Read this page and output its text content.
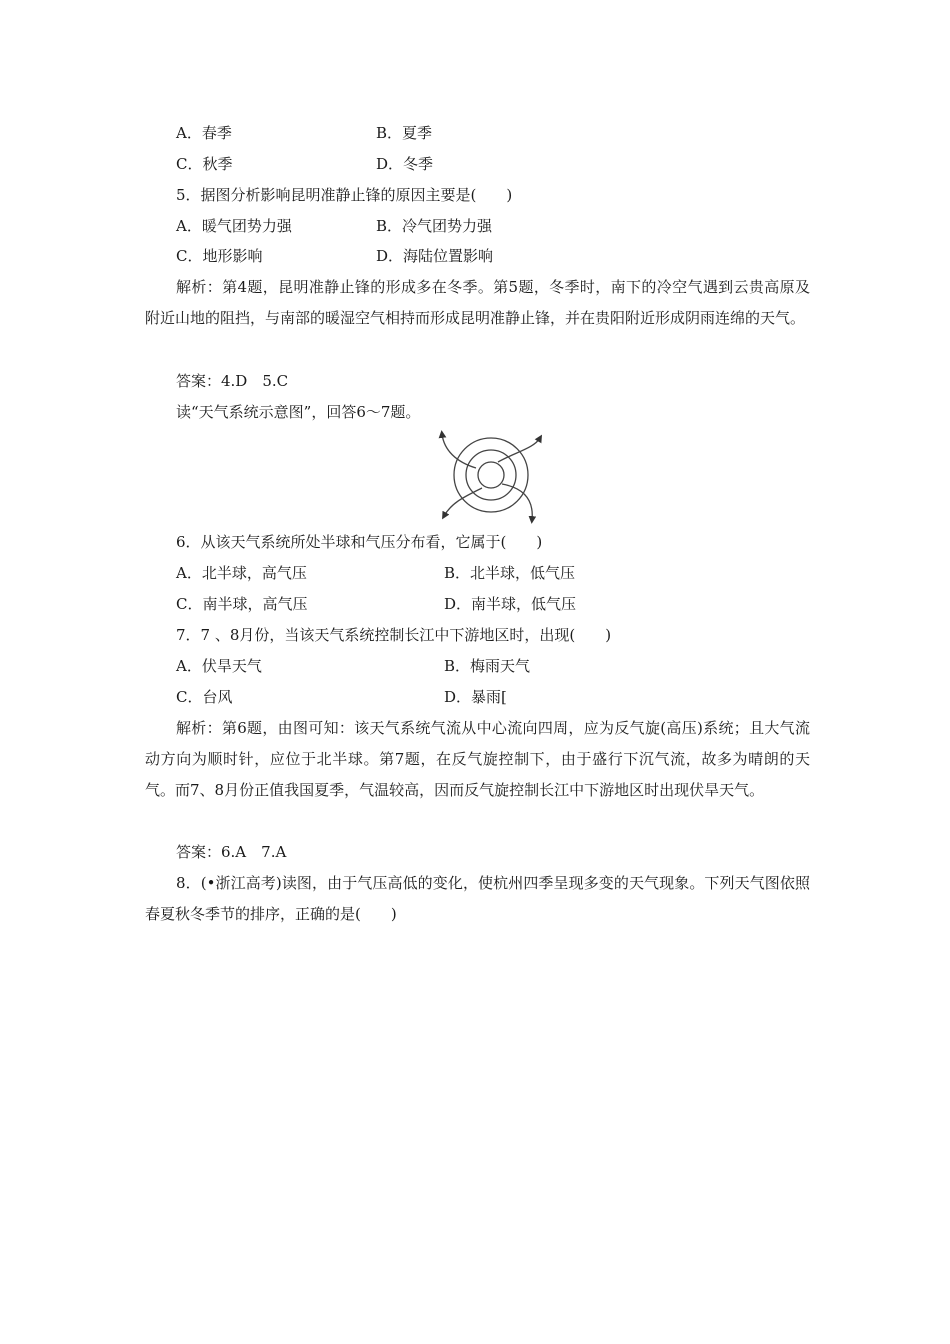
A．春季	B．夏季
C．秋季	D．冬季
5．据图分析影响昆明准静止锋的原因主要是(　　)
A．暖气团势力强	B．冷气团势力强
C．地形影响	D．海陆位置影响
解析：第4题，昆明准静止锋的形成多在冬季。第5题，冬季时，南下的冷空气遇到云贵高原及附近山地的阻挡，与南部的暖湿空气相持而形成昆明准静止锋，并在贵阳附近形成阴雨连绵的天气。
答案：4.D　5.C
读“天气系统示意图”，回答6～7题。
6．从该天气系统所处半球和气压分布看，它属于(　　)
A．北半球，高气压	B．北半球，低气压
C．南半球，高气压	D．南半球，低气压
7．7 、8月份，当该天气系统控制长江中下游地区时，出现(　　)
A．伏旱天气	B．梅雨天气
C．台风	D．暴雨[
解析：第6题，由图可知：该天气系统气流从中心流向四周，应为反气旋(高压)系统；且大气流动方向为顺时针，应位于北半球。第7题，在反气旋控制下，由于盛行下沉气流，故多为晴朗的天气。而7、8月份正值我国夏季，气温较高，因而反气旋控制长江中下游地区时出现伏旱天气。
答案：6.A　7.A
8．(•浙江高考)读图，由于气压高低的变化，使杭州四季呈现多变的天气现象。下列天气图依照春夏秋冬季节的排序，正确的是(　　)
